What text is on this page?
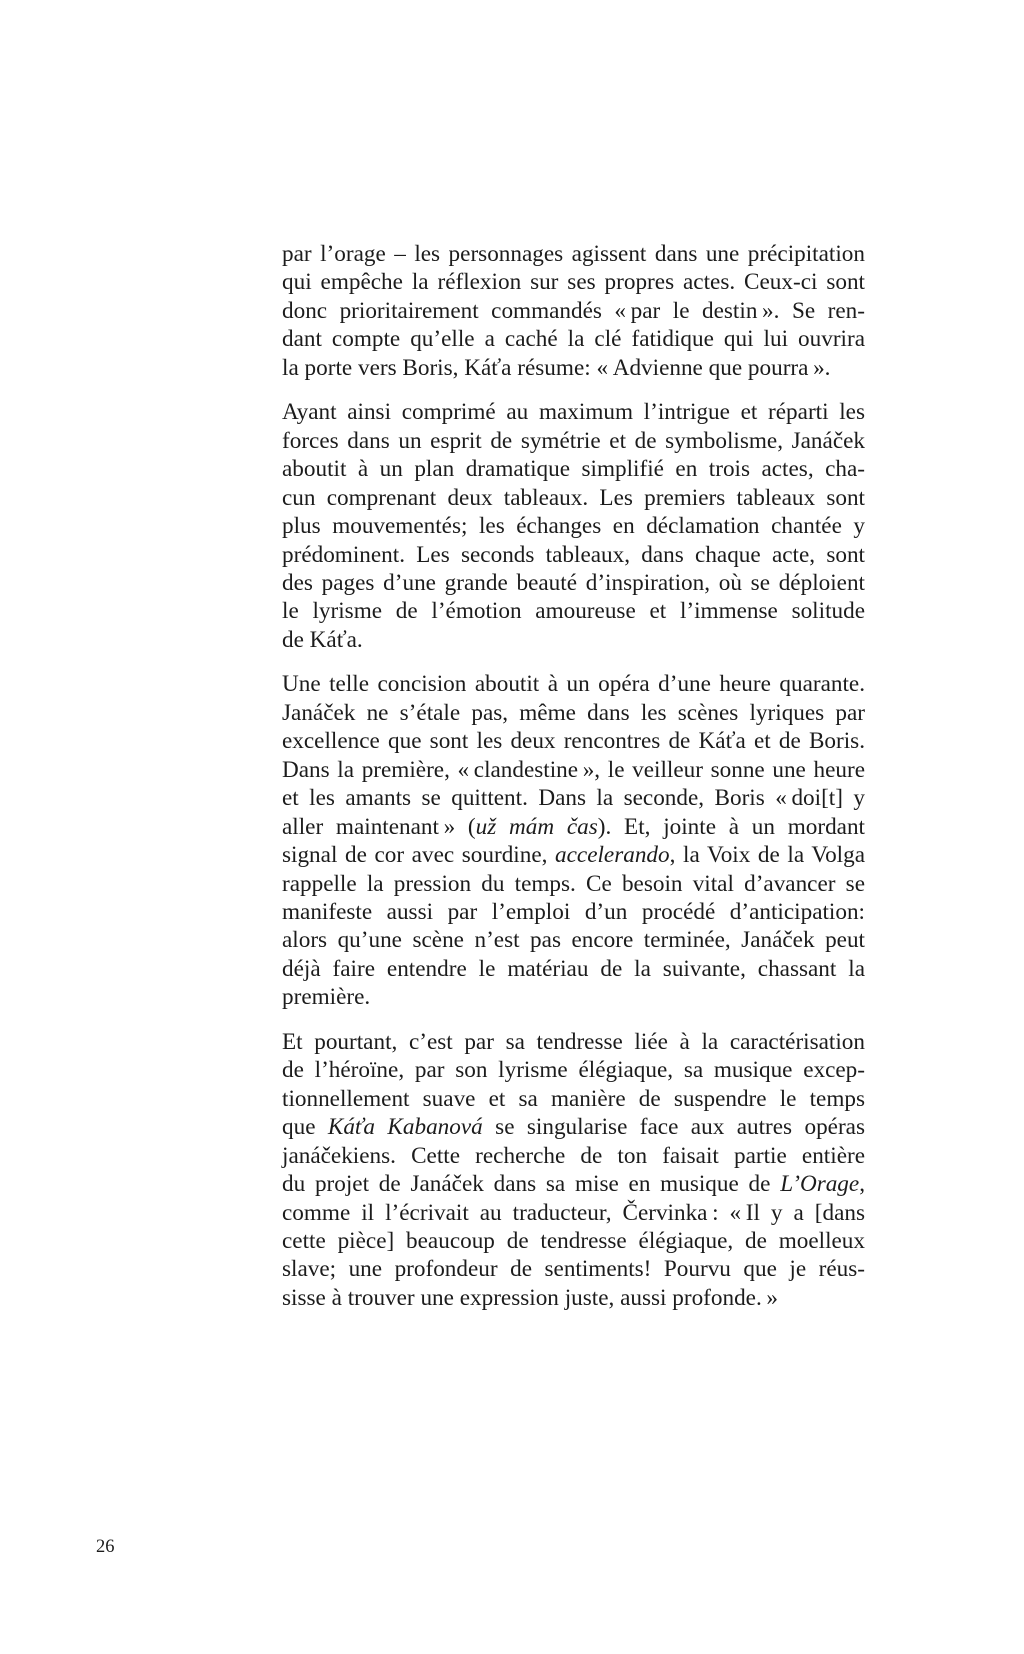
par l’orage – les personnages agissent dans une précipitation
qui empêche la réflexion sur ses propres actes. Ceux-ci sont
donc prioritairement commandés « par le destin ». Se ren-
dant compte qu’elle a caché la clé fatidique qui lui ouvrira
la porte vers Boris, Káťa résume: « Advienne que pourra ».

Ayant ainsi comprimé au maximum l’intrigue et réparti les
forces dans un esprit de symétrie et de symbolisme, Janáček
aboutit à un plan dramatique simplifié en trois actes, cha-
cun comprenant deux tableaux. Les premiers tableaux sont
plus mouvementés; les échanges en déclamation chantée y
prédominent. Les seconds tableaux, dans chaque acte, sont
des pages d’une grande beauté d’inspiration, où se déploient
le lyrisme de l’émotion amoureuse et l’immense solitude
de Káťa.

Une telle concision aboutit à un opéra d’une heure quarante.
Janáček ne s’étale pas, même dans les scènes lyriques par
excellence que sont les deux rencontres de Káťa et de Boris.
Dans la première, « clandestine », le veilleur sonne une heure
et les amants se quittent. Dans la seconde, Boris « doi[t] y
aller maintenant » (už mám čas). Et, jointe à un mordant
signal de cor avec sourdine, accelerando, la Voix de la Volga
rappelle la pression du temps. Ce besoin vital d’avancer se
manifeste aussi par l’emploi d’un procédé d’anticipation:
alors qu’une scène n’est pas encore terminée, Janáček peut
déjà faire entendre le matériau de la suivante, chassant la
première.

Et pourtant, c’est par sa tendresse liée à la caractérisation
de l’héroïne, par son lyrisme élégiaque, sa musique excep-
tionnellement suave et sa manière de suspendre le temps
que Káťa Kabanová se singularise face aux autres opéras
janáčekiens. Cette recherche de ton faisait partie entière
du projet de Janáček dans sa mise en musique de L’Orage,
comme il l’écrivait au traducteur, Červinka : « Il y a [dans
cette pièce] beaucoup de tendresse élégiaque, de moelleux
slave; une profondeur de sentiments! Pourvu que je réus-
sisse à trouver une expression juste, aussi profonde. »

26
